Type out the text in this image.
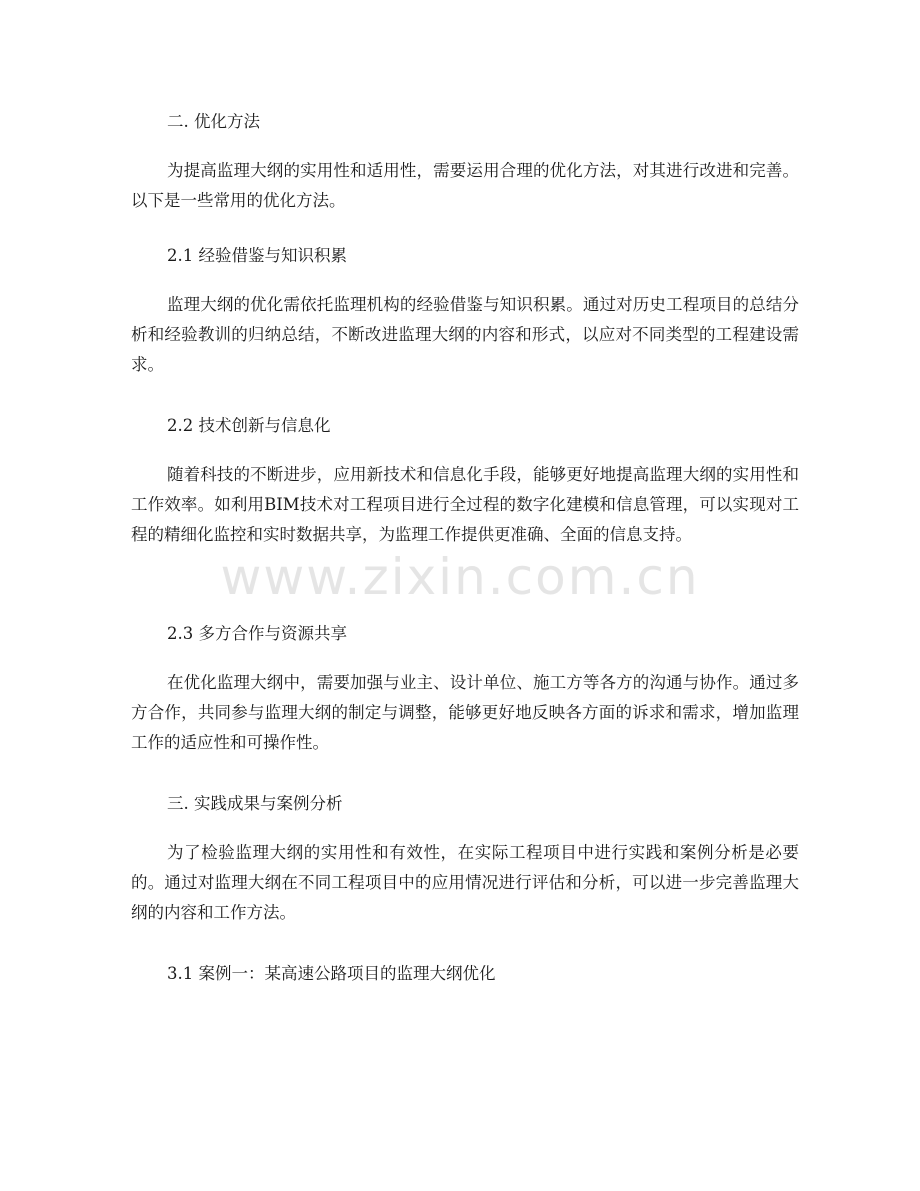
二. 优化方法

为提高监理大纲的实用性和适用性，需要运用合理的优化方法，对其进行改进和完善。以下是一些常用的优化方法。

2.1 经验借鉴与知识积累

监理大纲的优化需依托监理机构的经验借鉴与知识积累。通过对历史工程项目的总结分析和经验教训的归纳总结，不断改进监理大纲的内容和形式，以应对不同类型的工程建设需求。

2.2 技术创新与信息化

随着科技的不断进步，应用新技术和信息化手段，能够更好地提高监理大纲的实用性和工作效率。如利用BIM技术对工程项目进行全过程的数字化建模和信息管理，可以实现对工程的精细化监控和实时数据共享，为监理工作提供更准确、全面的信息支持。

2.3 多方合作与资源共享

在优化监理大纲中，需要加强与业主、设计单位、施工方等各方的沟通与协作。通过多方合作，共同参与监理大纲的制定与调整，能够更好地反映各方面的诉求和需求，增加监理工作的适应性和可操作性。

三. 实践成果与案例分析

为了检验监理大纲的实用性和有效性，在实际工程项目中进行实践和案例分析是必要的。通过对监理大纲在不同工程项目中的应用情况进行评估和分析，可以进一步完善监理大纲的内容和工作方法。

3.1 案例一：某高速公路项目的监理大纲优化

www.zixin.com.cn
